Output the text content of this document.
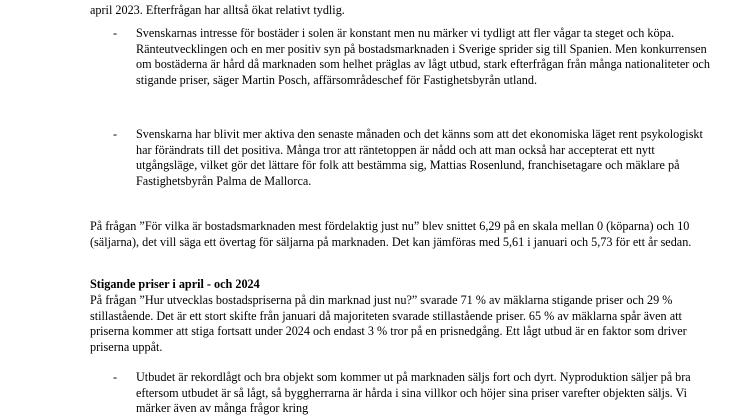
april 2023. Efterfrågan har alltså ökat relativt tydlig.

- Svenskarnas intresse för bostäder i solen är konstant men nu märker vi tydligt att fler vågar ta steget och köpa. Ränteutvecklingen och en mer positiv syn på bostadsmarknaden i Sverige sprider sig till Spanien. Men konkurrensen om bostäderna är hård då marknaden som helhet präglas av lågt utbud, stark efterfrågan från många nationaliteter och stigande priser, säger Martin Posch, affärsområdeschef för Fastighetsbyrån utland.

- Svenskarna har blivit mer aktiva den senaste månaden och det känns som att det ekonomiska läget rent psykologiskt har förändrats till det positiva. Många tror att räntetoppen är nådd och att man också har accepterat ett nytt utgångsläge, vilket gör det lättare för folk att bestämma sig, Mattias Rosenlund, franchisetagare och mäklare på Fastighetsbyrån Palma de Mallorca.

På frågan ”För vilka är bostadsmarknaden mest fördelaktig just nu” blev snittet 6,29 på en skala mellan 0 (köparna) och 10 (säljarna), det vill säga ett övertag för säljarna på marknaden. Det kan jämföras med 5,61 i januari och 5,73 för ett år sedan.

Stigande priser i april - och 2024

På frågan ”Hur utvecklas bostadspriserna på din marknad just nu?” svarade 71 % av mäklarna stigande priser och 29 % stillastående. Det är ett stort skifte från januari då majoriteten svarade stillastående priser. 65 % av mäklarna spår även att priserna kommer att stiga fortsatt under 2024 och endast 3 % tror på en prisnedgång. Ett lågt utbud är en faktor som driver priserna uppåt.

- Utbudet är rekordlågt och bra objekt som kommer ut på marknaden säljs fort och dyrt. Nyproduktion säljer på bra eftersom utbudet är så lågt, så byggherrarna är hårda i sina villkor och höjer sina priser varefter objekten säljs. Vi märker även av många frågor kring
